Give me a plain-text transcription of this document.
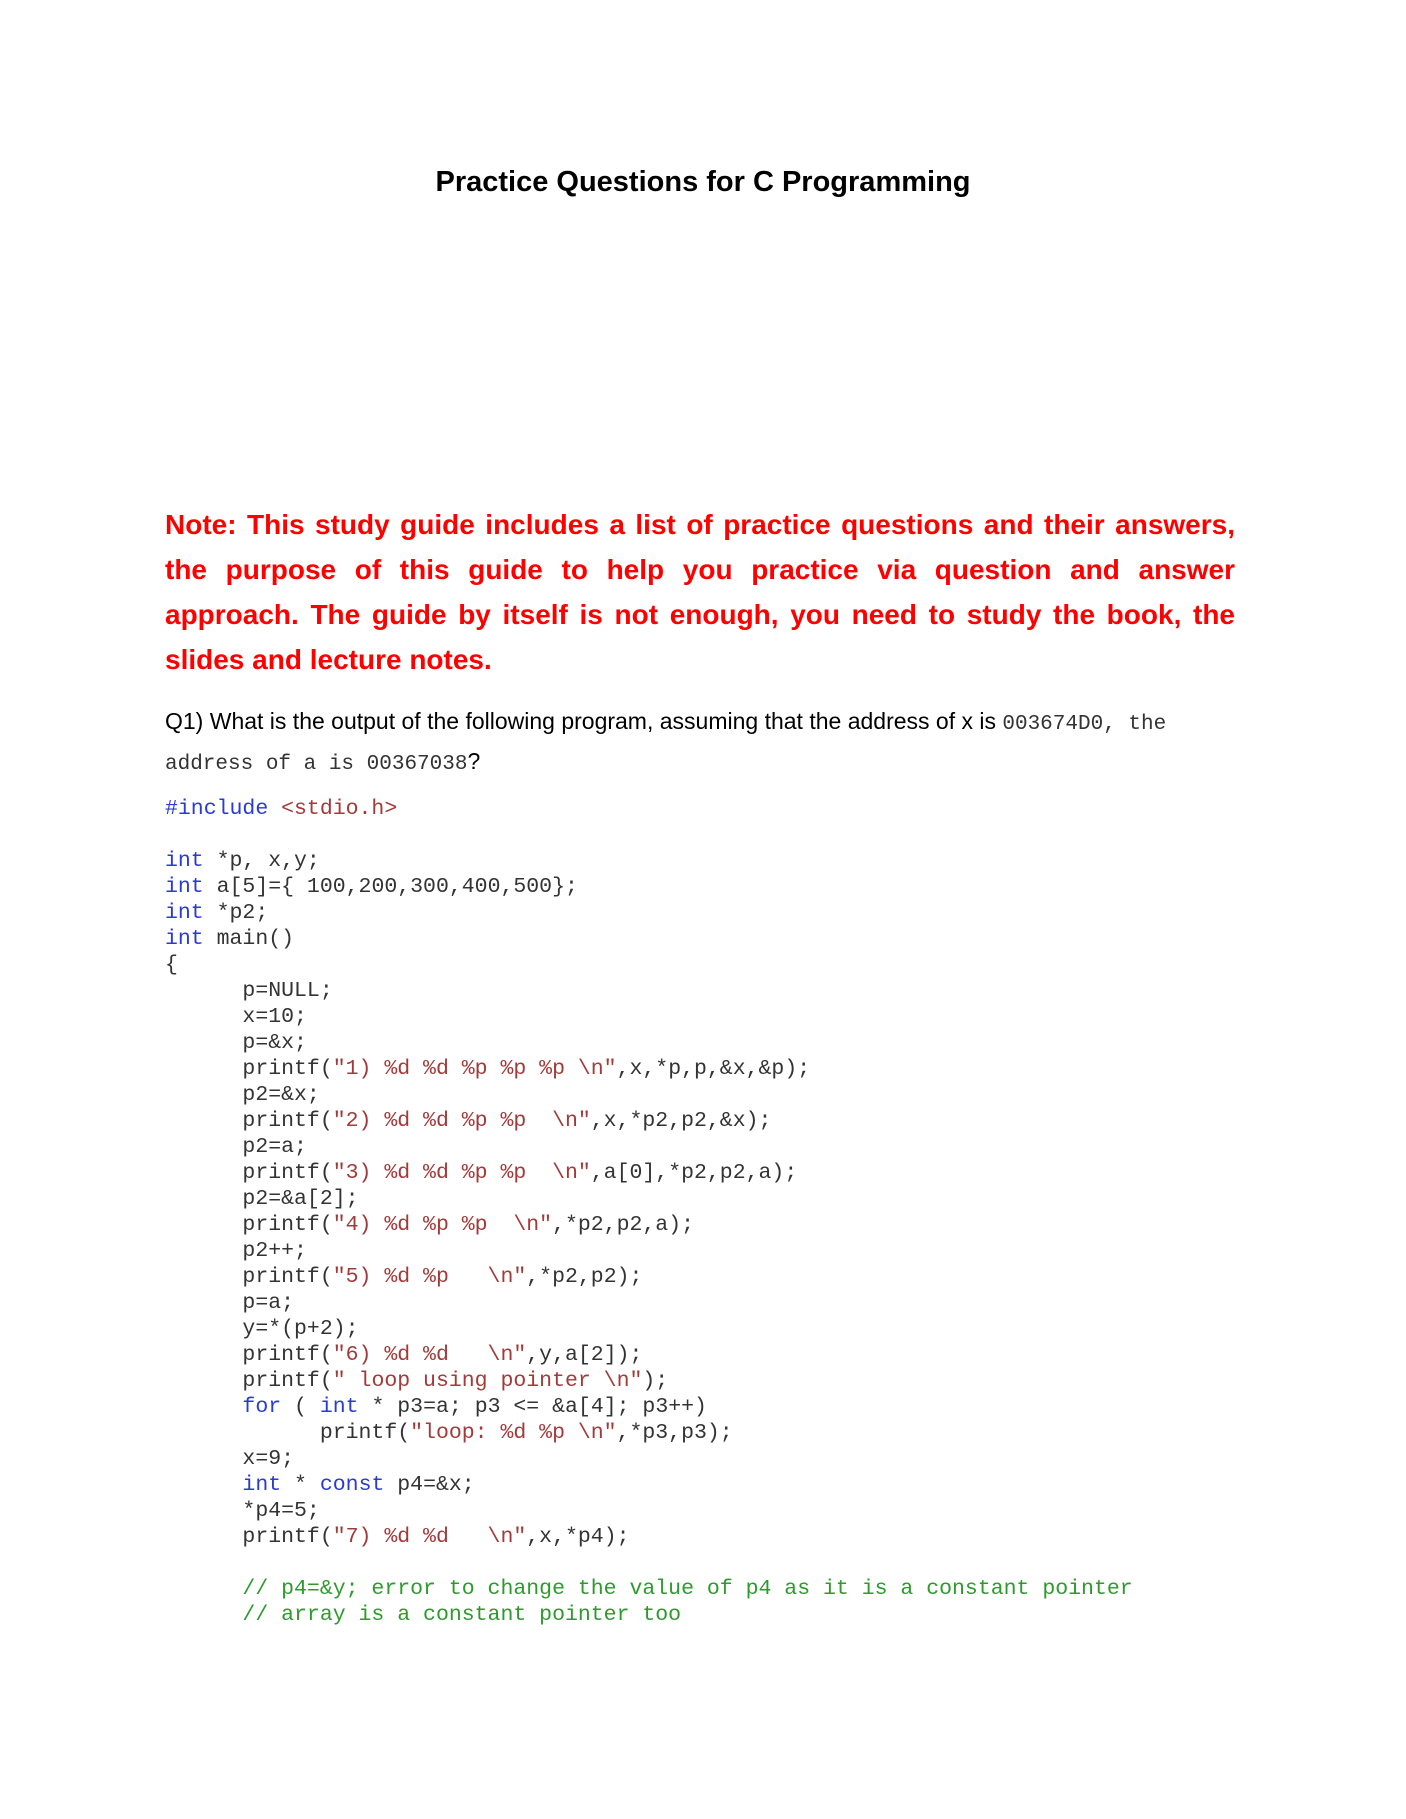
Practice Questions for C Programming
Note: This study guide includes a list of practice questions and their answers, the purpose of this guide to help you practice via question and answer approach. The guide by itself is not enough, you need to study the book, the slides and lecture notes.
Q1) What is the output of the following program, assuming that the address of x is 003674D0, the address of a is 00367038?
#include <stdio.h>
int *p, x,y;
int a[5]={ 100,200,300,400,500};
int *p2;
int main()
{
p=NULL;
x=10;
p=&x;
printf("1) %d %d %p %p %p \n",x,*p,p,&x,&p);
p2=&x;
printf("2) %d %d %p %p  \n",x,*p2,p2,&x);
p2=a;
printf("3) %d %d %p %p  \n",a[0],*p2,p2,a);
p2=&a[2];
printf("4) %d %p %p  \n",*p2,p2,a);
p2++;
printf("5) %d %p   \n",*p2,p2);
p=a;
y=*(p+2);
printf("6) %d %d   \n",y,a[2]);
printf(" loop using pointer \n");
for ( int * p3=a; p3 <= &a[4]; p3++)
printf("loop: %d %p \n",*p3,p3);
x=9;
int * const p4=&x;
*p4=5;
printf("7) %d %d   \n",x,*p4);
// p4=&y; error to change the value of p4 as it is a constant pointer
// array is a constant pointer too
